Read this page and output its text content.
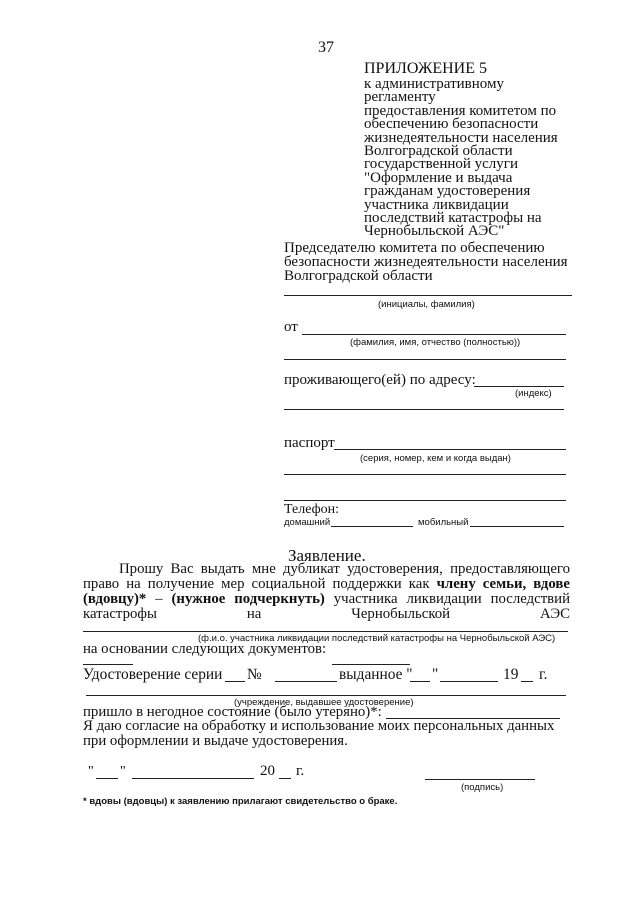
37
ПРИЛОЖЕНИЕ 5
к административному
регламенту
предоставления комитетом по
обеспечению безопасности
жизнедеятельности населения
Волгоградской области
государственной услуги
"Оформление и выдача
гражданам удостоверения
участника ликвидации
последствий катастрофы на
Чернобыльской АЭС"
Председателю комитета по обеспечению
безопасности жизнедеятельности населения
Волгоградской области
(инициалы, фамилия)
от
(фамилия, имя, отчество (полностью))
проживающего(ей) по адресу:
(индекс)
паспорт
(серия, номер, кем и когда выдан)
Телефон:
домашний	мобильный
Заявление.
Прошу Вас выдать мне дубликат удостоверения, предоставляющего
право на получение мер социальной поддержки как члену семьи, вдове
(вдовцу)* – (нужное подчеркнуть) участника ликвидации последствий
катастрофы	на	Чернобыльской	АЭС
(ф.и.о. участника ликвидации последствий катастрофы на Чернобыльской АЭС)
на основании следующих документов:
Удостоверение серии №	выданное " "	19 г.
(учреждение, выдавшее удостоверение)
пришло в негодное состояние (было утеряно)*:
Я даю согласие на обработку и использование моих персональных данных
при оформлении и выдаче удостоверения.
" "	20 г.
(подпись)
* вдовы (вдовцы) к заявлению прилагают свидетельство о браке.
